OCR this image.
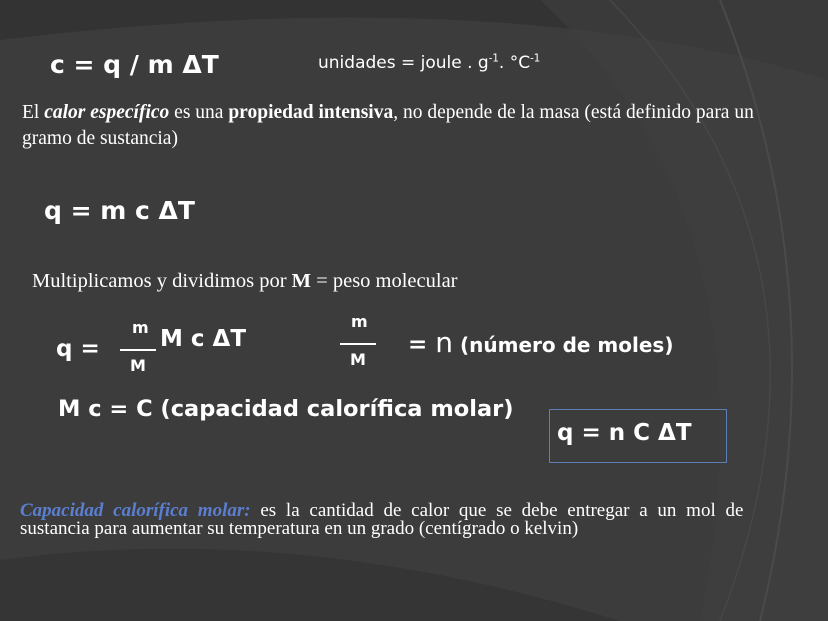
c = q / m ΔT	unidades = joule . $g^{-1}$. $^\circ C^{-1}$
El calor específico es una propiedad intensiva, no depende de la masa (está definido para un
gramo de sustancia)
q = m c ΔT
Multiplicamos y dividimos por M = peso molecular
q =
m
M
M c ΔT
m
M
= n (número de moles)
M c = C (capacidad calorífica molar)
q = n C ΔT
Capacidad calorífica molar: es la cantidad de calor que se debe entregar a un mol de
sustancia para aumentar su temperatura en un grado (centígrado o kelvin)
